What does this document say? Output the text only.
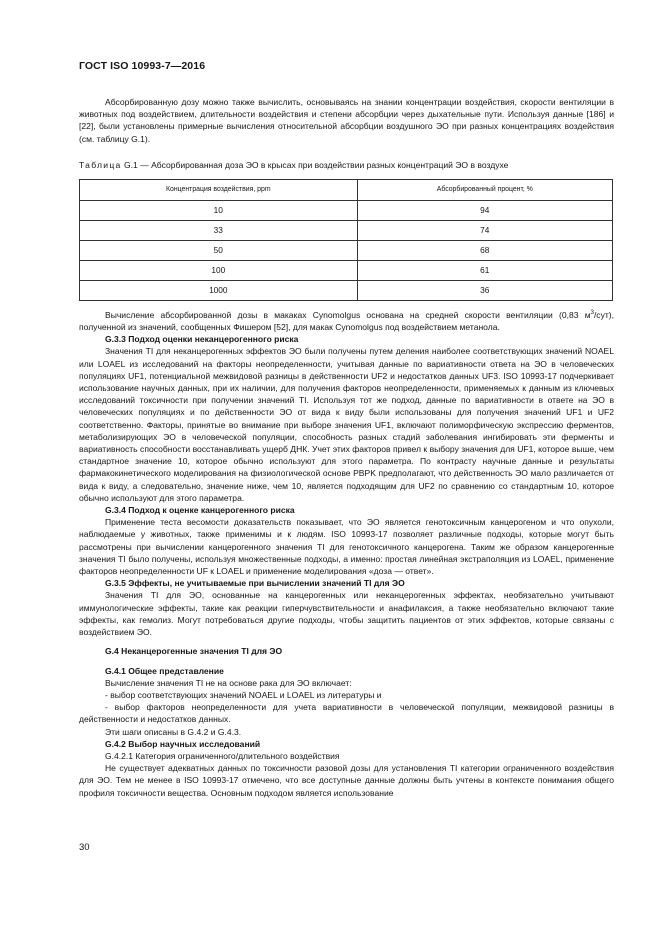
ГОСТ ISO 10993-7—2016

Абсорбированную дозу можно также вычислить, основываясь на знании концентрации воздействия, скорости вентиляции в животных под воздействием, длительности воздействия и степени абсорбции через дыхательные пути. Используя данные [186] и [22], были установлены примерные вычисления относительной абсорбции воздушного ЭО при разных концентрациях воздействия (см. таблицу G.1).

Таблица G.1 — Абсорбированная доза ЭО в крысах при воздействии разных концентраций ЭО в воздухе
Концентрация воздействия, ppm	Абсорбированный процент, %
10	94
33	74
50	68
100	61
1000	36

Вычисление абсорбированной дозы в макаках Cynomolgus основана на средней скорости вентиляции (0,83 $м^3/сут$), полученной из значений, сообщенных Фишером [52], для макак Cynomolgus под воздействием метанола.

G.3.3 Подход оценки неканцерогенного риска

Значения TI для неканцерогенных эффектов ЭО были получены путем деления наиболее соответствующих значений NOAEL или LOAEL из исследований на факторы неопределенности, учитывая данные по вариативности ответа на ЭО в человеческих популяциях UF1, потенциальной межвидовой разницы в действенности UF2 и недостатков данных UF3. ISO 10993-17 подчеркивает использование научных данных, при их наличии, для получения факторов неопределенности, применяемых к данным из ключевых исследований токсичности при получении значений TI. Используя тот же подход, данные по вариативности в ответе на ЭО в человеческих популяциях и по действенности ЭО от вида к виду были использованы для получения значений UF1 и UF2 соответственно. Факторы, принятые во внимание при выборе значения UF1, включают полиморфическую экспрессию ферментов, метаболизирующих ЭО в человеческой популяции, способность разных стадий заболевания ингибировать эти ферменты и вариативность способности восстанавливать ущерб ДНК. Учет этих факторов привел к выбору значения для UF1, которое выше, чем стандартное значение 10, которое обычно используют для этого параметра. По контрасту научные данные и результаты фармакокинетического моделирования на физиологической основе PBPK предполагают, что действенность ЭО мало различается от вида к виду, а следовательно, значение ниже, чем 10, является подходящим для UF2 по сравнению со стандартным 10, которое обычно используют для этого параметра.

G.3.4 Подход к оценке канцерогенного риска

Применение теста весомости доказательств показывает, что ЭО является генотоксичным канцерогеном и что опухоли, наблюдаемые у животных, также применимы и к людям. ISO 10993-17 позволяет различные подходы, которые могут быть рассмотрены при вычислении канцерогенного значения TI для генотоксичного канцерогена. Таким же образом канцерогенные значения TI было получены, используя множественные подходы, а именно: простая линейная экстраполяция из LOAEL, применение факторов неопределенности UF к LOAEL и применение моделирования «доза — ответ».

G.3.5 Эффекты, не учитываемые при вычислении значений TI для ЭО

Значения TI для ЭО, основанные на канцерогенных или неканцерогенных эффектах, необязательно учитывают иммунологические эффекты, такие как реакции гиперчувствительности и анафилаксия, а также необязательно включают такие эффекты, как гемолиз. Могут потребоваться другие подходы, чтобы защитить пациентов от этих эффектов, которые связаны с воздействием ЭО.

G.4 Неканцерогенные значения TI для ЭО

G.4.1 Общее представление

Вычисление значения TI не на основе рака для ЭО включает:

- выбор соответствующих значений NOAEL и LOAEL из литературы и

- выбор факторов неопределенности для учета вариативности в человеческой популяции, межвидовой разницы в действенности и недостатков данных.

Эти шаги описаны в G.4.2 и G.4.3.

G.4.2 Выбор научных исследований

G.4.2.1 Категория ограниченного/длительного воздействия

Не существует адекватных данных по токсичности разовой дозы для установления TI категории ограниченного воздействия для ЭО. Тем не менее в ISO 10993-17 отмечено, что все доступные данные должны быть учтены в контексте понимания общего профиля токсичности вещества. Основным подходом является использование

30
